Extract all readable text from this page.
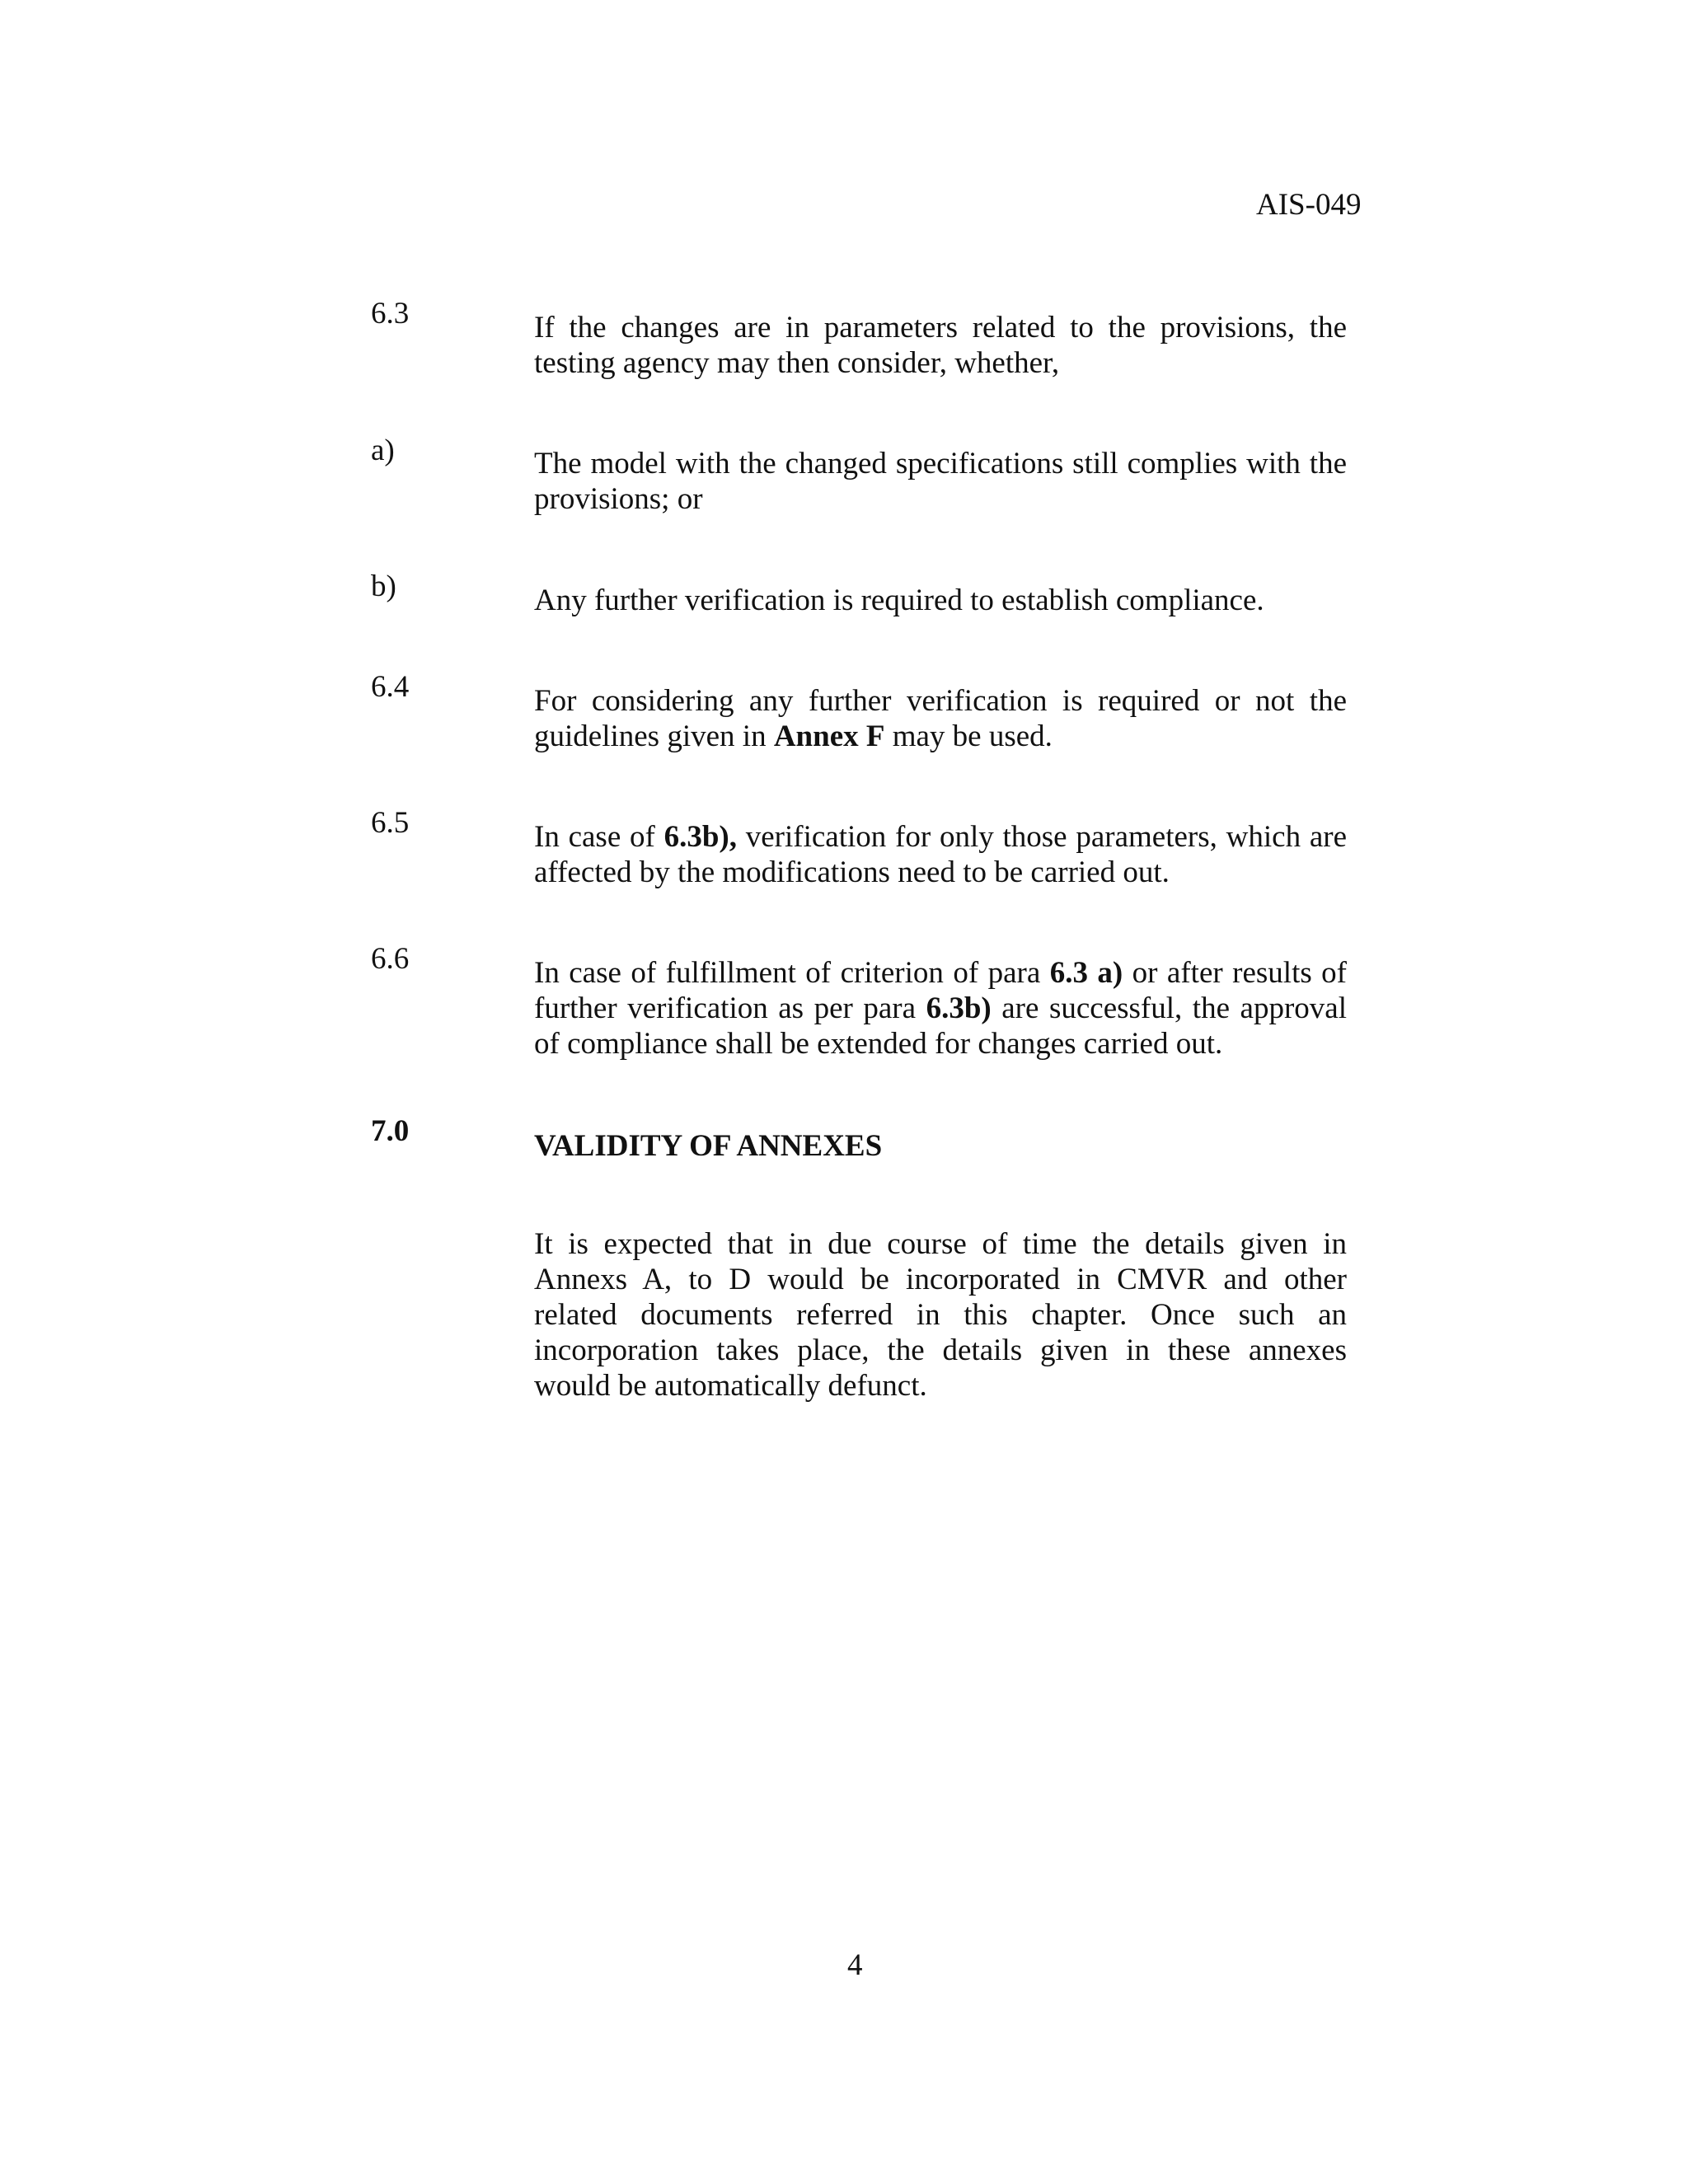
AIS-049
6.3	If the changes are in parameters related to the provisions, the testing agency may then consider, whether,
a)	The model with the changed specifications still complies with the provisions; or
b)	Any further verification is required to establish compliance.
6.4	For considering any further verification is required or not the guidelines given in Annex F may be used.
6.5	In case of 6.3b), verification for only those parameters, which are affected by the modifications need to be carried out.
6.6	In case of fulfillment of criterion of para 6.3 a) or after results of further verification as per para 6.3b) are successful, the approval of compliance shall be extended for changes carried out.
7.0	VALIDITY OF ANNEXES
It is expected that in due course of time the details given in Annexs A, to D would be incorporated in CMVR and other related documents referred in this chapter. Once such an incorporation takes place, the details given in these annexes would be automatically defunct.
4
